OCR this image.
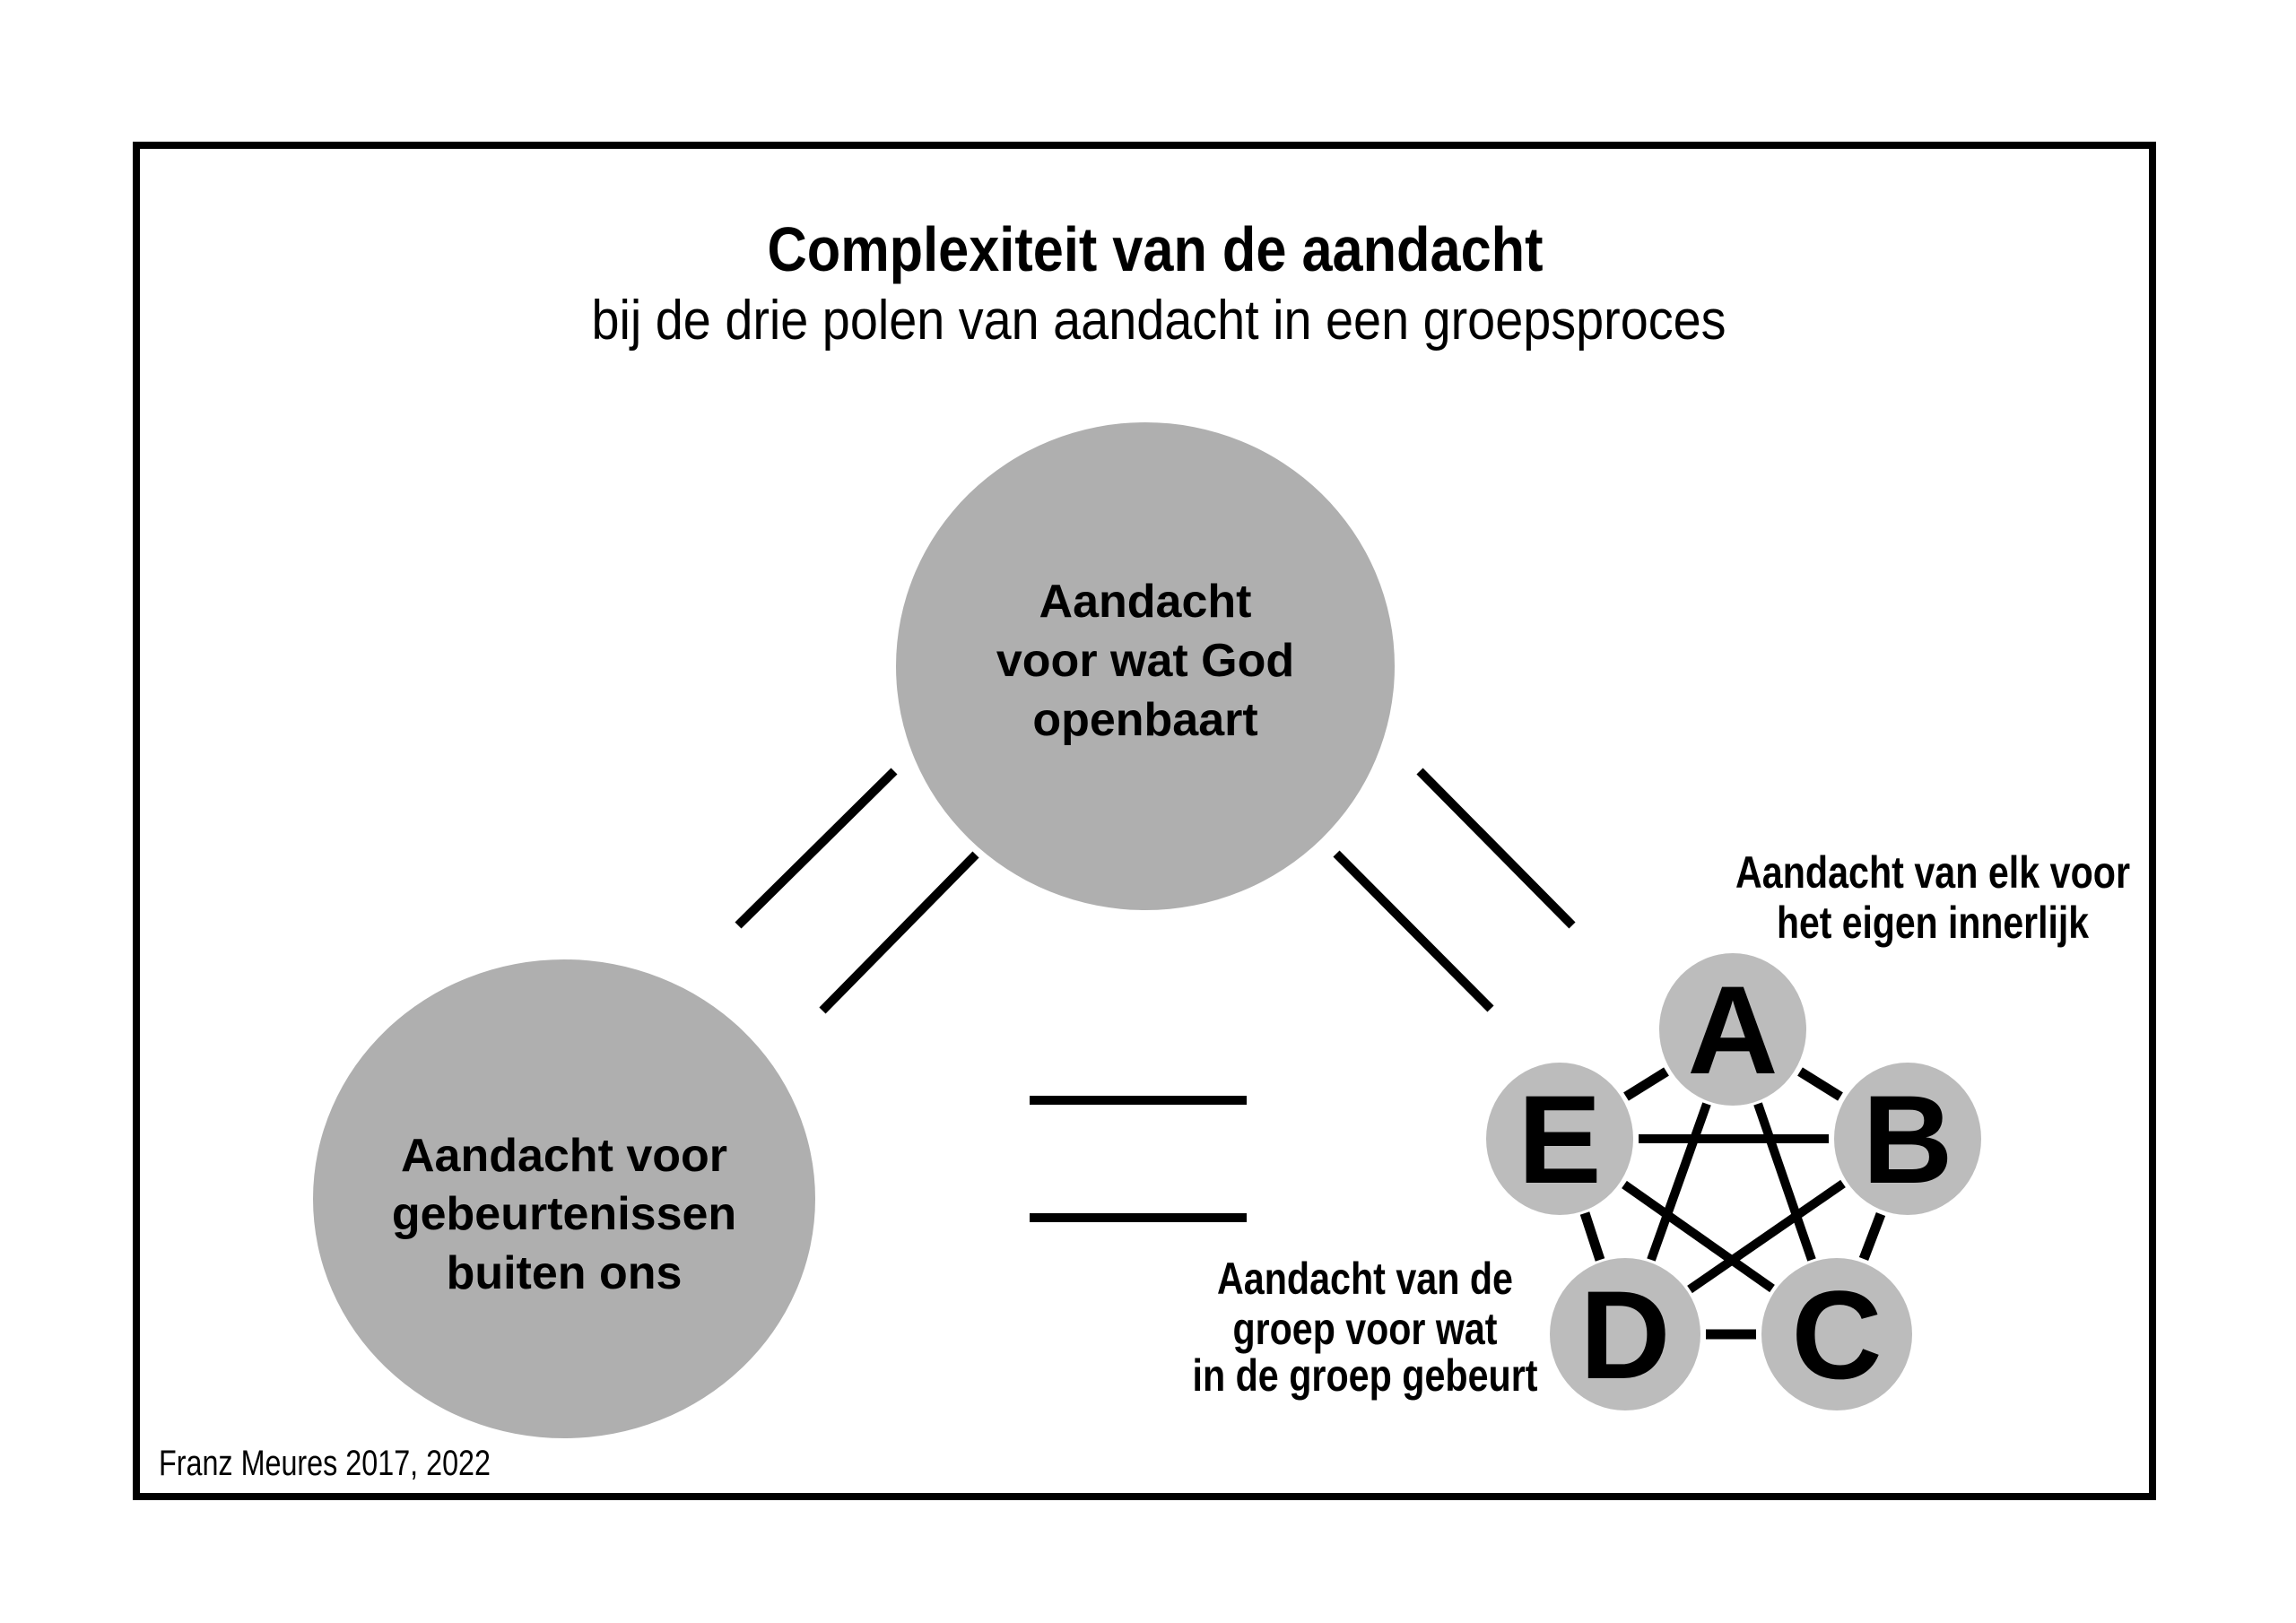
Complexiteit van de aandacht
bij de drie polen van aandacht in een groepsproces
Aandacht
voor wat God
openbaart
Aandacht voor
gebeurtenissen
buiten ons
A
B
C
D
E
Aandacht van elk voor
het eigen innerlijk
Aandacht van de
groep voor wat
in de groep gebeurt
Franz Meures 2017, 2022
